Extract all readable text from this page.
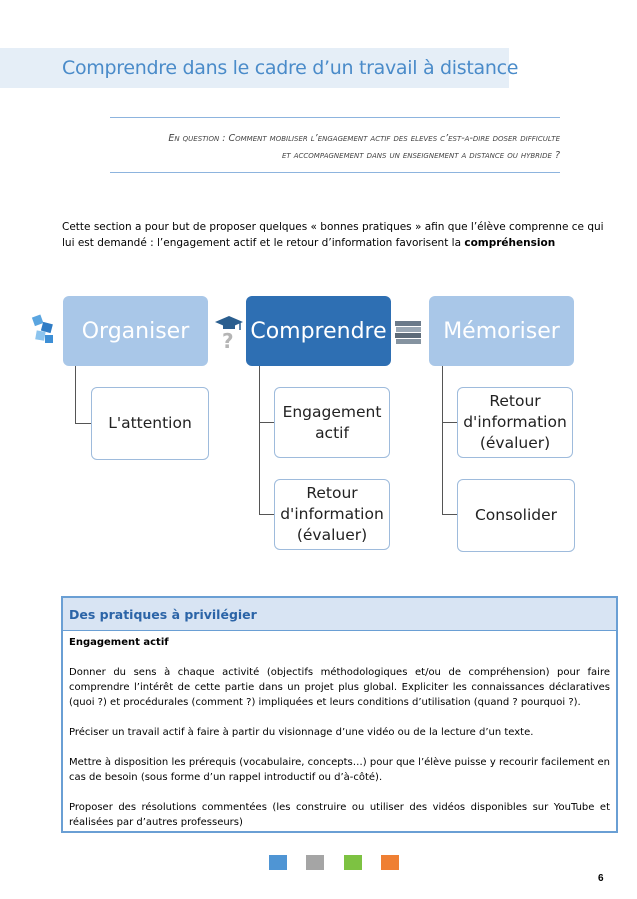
Comprendre dans le cadre d’un travail à distance
En question : Comment mobiliser l’engagement actif des eleves c’est-a-dire doser difficulte
et accompagnement dans un enseignement a distance ou hybride ?
Cette section a pour but de proposer quelques « bonnes pratiques » afin que l’élève comprenne ce qui lui est demandé : l’engagement actif et le retour d’information favorisent la compréhension
?
Organiser	Comprendre	Mémoriser
L'attention
Engagement actif
Retour d'information (évaluer)
Retour d'information (évaluer)
Consolider
Des pratiques à privilégier
Engagement actif

Donner du sens à chaque activité (objectifs méthodologiques et/ou de compréhension) pour faire comprendre l’intérêt de cette partie dans un projet plus global. Expliciter les connaissances déclaratives (quoi ?) et procédurales (comment ?) impliquées et leurs conditions d’utilisation (quand ? pourquoi ?).

Préciser un travail actif à faire à partir du visionnage d’une vidéo ou de la lecture d’un texte.

Mettre à disposition les prérequis (vocabulaire, concepts…) pour que l’élève puisse y recourir facilement en cas de besoin (sous forme d’un rappel introductif ou d’à-côté).

Proposer des résolutions commentées (les construire ou utiliser des vidéos disponibles sur YouTube et réalisées par d’autres professeurs)

6
